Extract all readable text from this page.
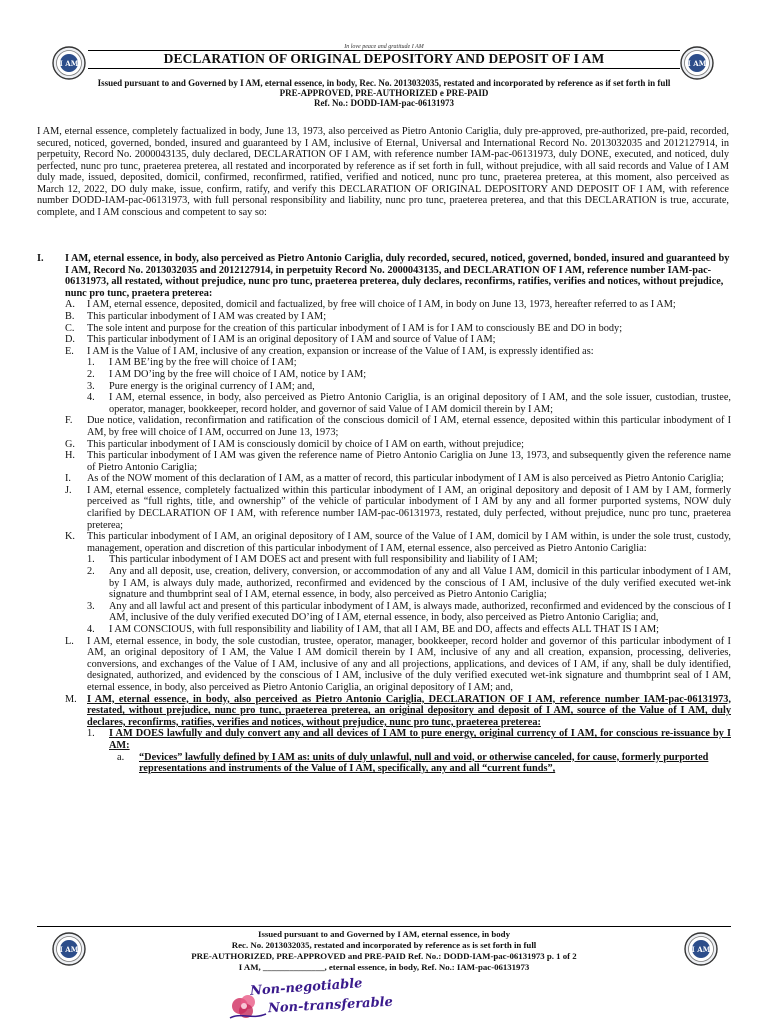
In love peace and gratitude I AM
I AM	I AM
DECLARATION OF ORIGINAL DEPOSITORY AND DEPOSIT OF I AM
Issued pursuant to and Governed by I AM, eternal essence, in body, Rec. No. 2013032035, restated and incorporated by reference as if set forth in full
PRE-APPROVED, PRE-AUTHORIZED e PRE-PAID
Ref. No.: DODD-IAM-pac-06131973
I AM, eternal essence, completely factualized in body, June 13, 1973, also perceived as Pietro Antonio Cariglia, duly pre-approved, pre-authorized, pre-paid, recorded, secured, noticed, governed, bonded, insured and guaranteed by I AM, inclusive of Eternal, Universal and International Record No. 2013032035 and 2012127914, in perpetuity, Record No. 2000043135, duly declared, DECLARATION OF I AM, with reference number IAM-pac-06131973, duly DONE, executed, and noticed, duly perfected, nunc pro tunc, praeterea preterea, all restated and incorporated by reference as if set forth in full, without prejudice, with all said records and Value of I AM duly made, issued, deposited, domicil, confirmed, reconfirmed, ratified, verified and noticed, nunc pro tunc, praeterea preterea, at this moment, also perceived as March 12, 2022, DO duly make, issue, confirm, ratify, and verify this DECLARATION OF ORIGINAL DEPOSITORY AND DEPOSIT OF I AM, with reference number DODD-IAM-pac-06131973, with full personal responsibility and liability, nunc pro tunc, praeterea preterea, and that this DECLARATION is true, accurate, complete, and I AM conscious and competent to say so:
I.	I AM, eternal essence, in body, also perceived as Pietro Antonio Cariglia, duly recorded, secured, noticed, governed, bonded, insured and guaranteed by I AM, Record No. 2013032035 and 2012127914, in perpetuity Record No. 2000043135, and DECLARATION OF I AM, reference number IAM-pac-06131973, all restated, without prejudice, nunc pro tunc, praeterea preterea, duly declares, reconfirms, ratifies, verifies and notices, without prejudice, nunc pro tunc, praetera preterea:
A.	I AM, eternal essence, deposited, domicil and factualized, by free will choice of I AM, in body on June 13, 1973, hereafter referred to as I AM;
B.	This particular inbodyment of I AM was created by I AM;
C.	The sole intent and purpose for the creation of this particular inbodyment of I AM is for I AM to consciously BE and DO in body;
D.	This particular inbodyment of I AM is an original depository of I AM and source of Value of I AM;
E.	I AM is the Value of I AM, inclusive of any creation, expansion or increase of the Value of I AM, is expressly identified as:
1.	I AM BE’ing by the free will choice of I AM;
2.	I AM DO’ing by the free will choice of I AM, notice by I AM;
3.	Pure energy is the original currency of I AM; and,
4.	I AM, eternal essence, in body, also perceived as Pietro Antonio Cariglia, is an original depository of I AM, and the sole issuer, custodian, trustee, operator, manager, bookkeeper, record holder, and governor of said Value of I AM domicil therein by I AM;
F.	Due notice, validation, reconfirmation and ratification of the conscious domicil of I AM, eternal essence, deposited within this particular inbodyment of I AM, by free will choice of I AM, occurred on June 13, 1973;
G.	This particular inbodyment of I AM is consciously domicil by choice of I AM on earth, without prejudice;
H.	This particular inbodyment of I AM was given the reference name of Pietro Antonio Cariglia on June 13, 1973, and subsequently given the reference name of Pietro Antonio Cariglia;
I.	As of the NOW moment of this declaration of I AM, as a matter of record, this particular inbodyment of I AM is also perceived as Pietro Antonio Cariglia;
J.	I AM, eternal essence, completely factualized within this particular inbodyment of I AM, an original depository and deposit of I AM by I AM, formerly perceived as “full rights, title, and ownership” of the vehicle of particular inbodyment of I AM by any and all former purported systems, NOW duly clarified by DECLARATION OF I AM, with reference number IAM-pac-06131973, restated, duly perfected, without prejudice, nunc pro tunc, praeterea preterea;
K.	This particular inbodyment of I AM, an original depository of I AM, source of the Value of I AM, domicil by I AM within, is under the sole trust, custody, management, operation and discretion of this particular inbodyment of I AM, eternal essence, also perceived as Pietro Antonio Cariglia:
1.	This particular inbodyment of I AM DOES act and present with full responsibility and liability of I AM;
2.	Any and all deposit, use, creation, delivery, conversion, or accommodation of any and all Value I AM, domicil in this particular inbodyment of I AM, by I AM, is always duly made, authorized, reconfirmed and evidenced by the conscious of I AM, inclusive of the duly verified executed wet-ink signature and thumbprint seal of I AM, eternal essence, in body, also perceived as Pietro Antonio Cariglia;
3.	Any and all lawful act and present of this particular inbodyment of I AM, is always made, authorized, reconfirmed and evidenced by the conscious of I AM, inclusive of the duly verified executed DO’ing of I AM, eternal essence, in body, also perceived as Pietro Antonio Cariglia; and,
4.	I AM CONSCIOUS, with full responsibility and liability of I AM, that all I AM, BE and DO, affects and effects ALL THAT IS I AM;
L.	I AM, eternal essence, in body, the sole custodian, trustee, operator, manager, bookkeeper, record holder and governor of this particular inbodyment of I AM, an original depository of I AM, the Value I AM domicil therein by I AM, inclusive of any and all creation, expansion, processing, deliveries, conversions, and exchanges of the Value of I AM, inclusive of any and all projections, applications, and devices of I AM, if any, shall be duly identified, designated, authorized, and evidenced by the conscious of I AM, inclusive of the duly verified executed wet-ink signature and thumbprint seal of I AM, eternal essence, in body, also perceived as Pietro Antonio Cariglia, an original depository of I AM; and,
M. I AM, eternal essence, in body, also perceived as Pietro Antonio Cariglia, DECLARATION OF I AM, reference number IAM-pac-06131973, restated, without prejudice, nunc pro tunc, praeterea preterea, an original depository and deposit of I AM, source of the Value of I AM, duly declares, reconfirms, ratifies, verifies and notices, without prejudice, nunc pro tunc, praeterea preterea:
1.	I AM DOES lawfully and duly convert any and all devices of I AM to pure energy, original currency of I AM, for conscious re-issuance by I AM:
a.	“Devices” lawfully defined by I AM as: units of duly unlawful, null and void, or otherwise canceled, for cause, formerly purported representations and instruments of the Value of I AM, specifically, any and all “current funds”,
I AM	I AM
Issued pursuant to and Governed by I AM, eternal essence, in body
Rec. No. 2013032035, restated and incorporated by reference as is set forth in full
PRE-AUTHORIZED, PRE-APPROVED and PRE-PAID Ref. No.: DODD-IAM-pac-06131973 p. 1 of 2
I AM, ______________, eternal essence, in body, Ref. No.: IAM-pac-06131973
Non-negotiable
Non-transferable
